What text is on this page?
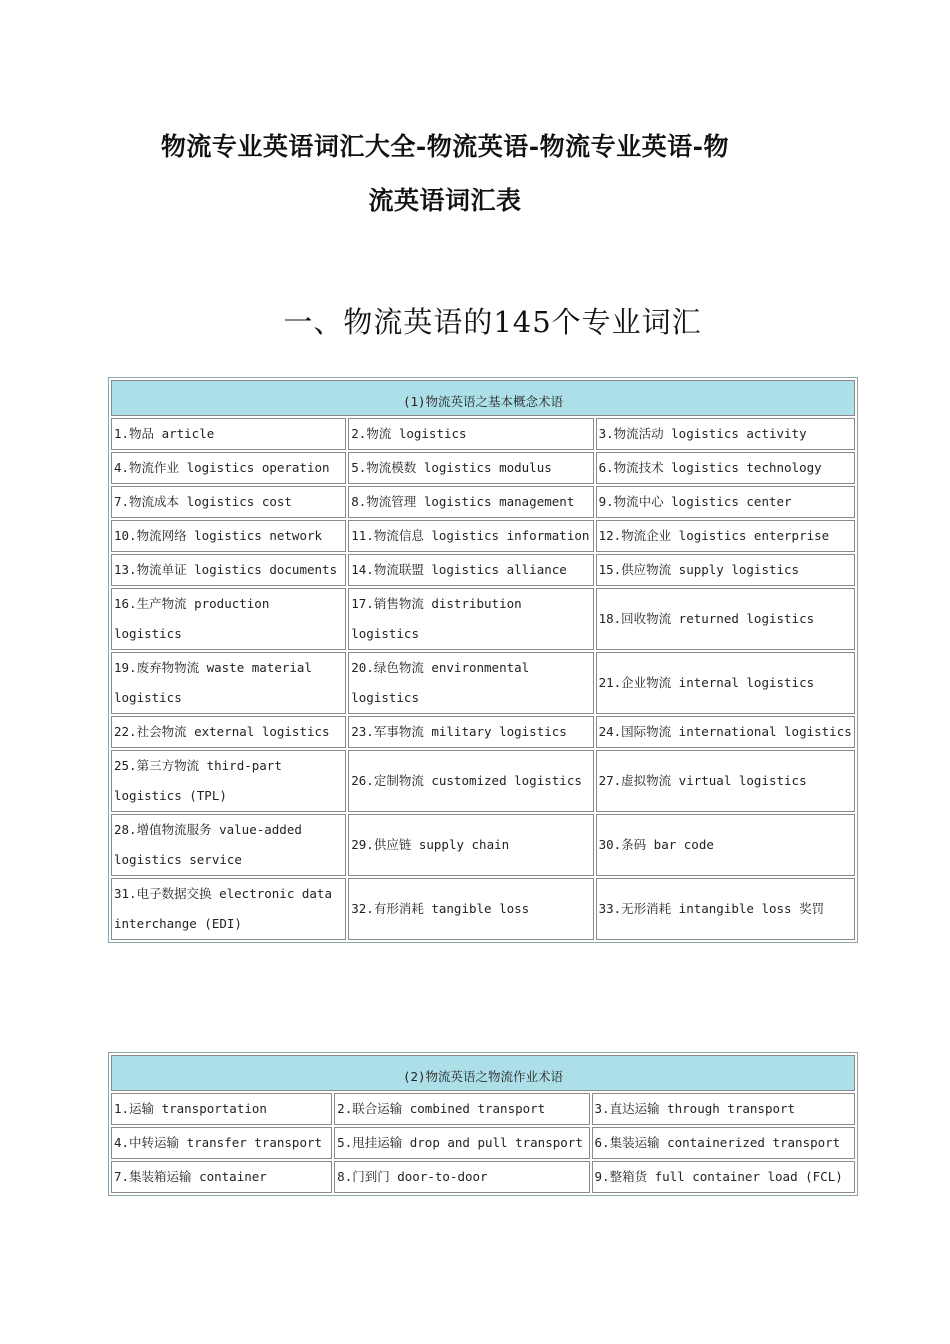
物流专业英语词汇大全-物流英语-物流专业英语-物
流英语词汇表
一、物流英语的145个专业词汇
(1)物流英语之基本概念术语		
1.物品 article	2.物流 logistics	3.物流活动 logistics activity
4.物流作业 logistics operation	5.物流模数 logistics modulus	6.物流技术 logistics technology
7.物流成本 logistics cost	8.物流管理 logistics management	9.物流中心 logistics center
10.物流网络 logistics network	11.物流信息 logistics information	12.物流企业 logistics enterprise
13.物流单证 logistics documents	14.物流联盟 logistics alliance	15.供应物流 supply logistics
16.生产物流 production logistics	17.销售物流 distribution logistics	18.回收物流 returned logistics
19.废弃物物流 waste material logistics	20.绿色物流 environmental logistics	21.企业物流 internal logistics
22.社会物流 external logistics	23.军事物流 military logistics	24.国际物流 international logistics
25.第三方物流 third-part logistics (TPL)	26.定制物流 customized logistics	27.虚拟物流 virtual logistics
28.增值物流服务 value-added logistics service	29.供应链 supply chain	30.条码 bar code
31.电子数据交换 electronic data interchange (EDI)	32.有形消耗 tangible loss	33.无形消耗 intangible loss 奖罚
(2)物流英语之物流作业术语		
1.运输 transportation	2.联合运输 combined transport	3.直达运输 through transport
4.中转运输 transfer transport	5.甩挂运输 drop and pull transport	6.集装运输 containerized transport
7.集装箱运输 container	8.门到门 door-to-door	9.整箱货 full container load (FCL)
